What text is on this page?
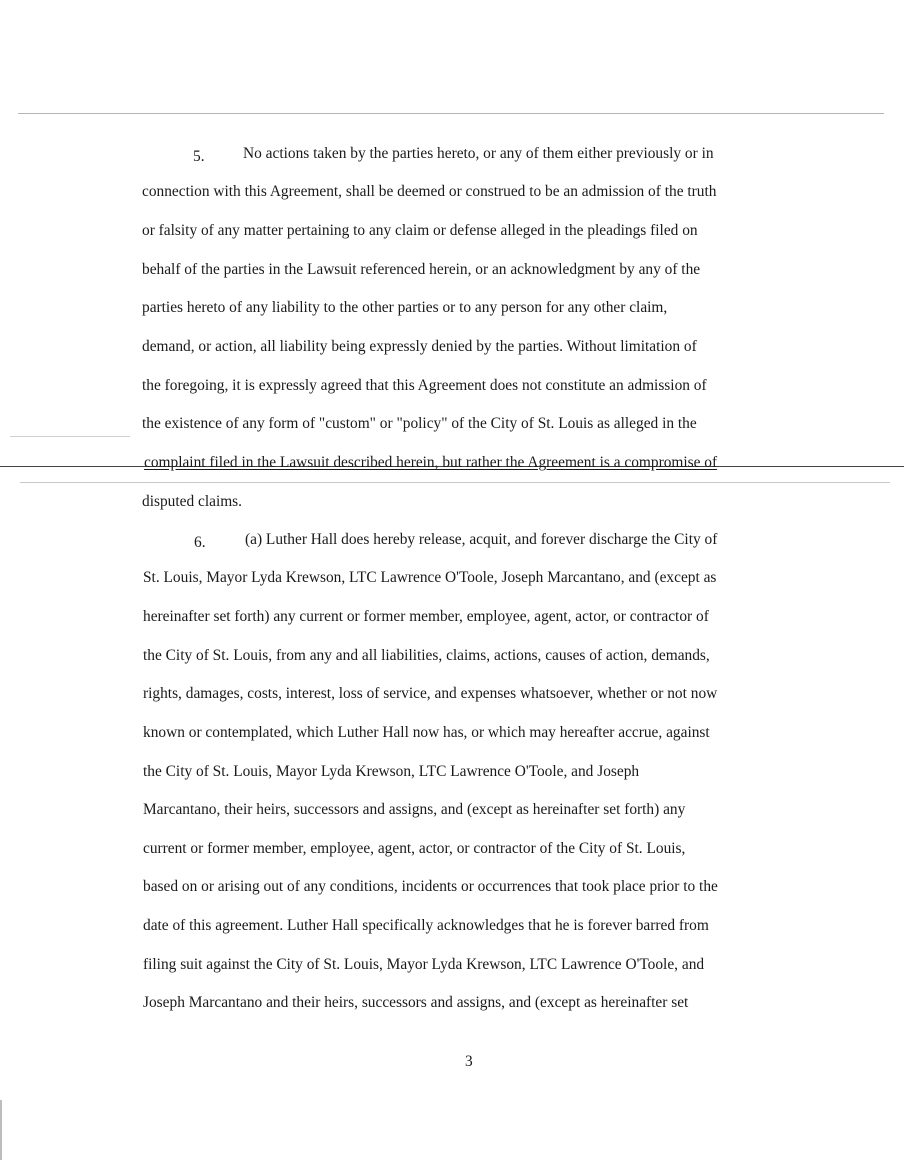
5.	No actions taken by the parties hereto, or any of them either previously or in
connection with this Agreement, shall be deemed or construed to be an admission of the truth
or falsity of any matter pertaining to any claim or defense alleged in the pleadings filed on
behalf of the parties in the Lawsuit referenced herein, or an acknowledgment by any of the
parties hereto of any liability to the other parties or to any person for any other claim,
demand, or action, all liability being expressly denied by the parties. Without limitation of
the foregoing, it is expressly agreed that this Agreement does not constitute an admission of
the existence of any form of "custom" or "policy" of the City of St. Louis as alleged in the
complaint filed in the Lawsuit described herein, but rather the Agreement is a compromise of
disputed claims.
6.	(a) Luther Hall does hereby release, acquit, and forever discharge the City of
St. Louis, Mayor Lyda Krewson, LTC Lawrence O'Toole, Joseph Marcantano, and (except as
hereinafter set forth) any current or former member, employee, agent, actor, or contractor of
the City of St. Louis, from any and all liabilities, claims, actions, causes of action, demands,
rights, damages, costs, interest, loss of service, and expenses whatsoever, whether or not now
known or contemplated, which Luther Hall now has, or which may hereafter accrue, against
the City of St. Louis, Mayor Lyda Krewson, LTC Lawrence O'Toole, and Joseph
Marcantano, their heirs, successors and assigns, and (except as hereinafter set forth) any
current or former member, employee, agent, actor, or contractor of the City of St. Louis,
based on or arising out of any conditions, incidents or occurrences that took place prior to the
date of this agreement. Luther Hall specifically acknowledges that he is forever barred from
filing suit against the City of St. Louis, Mayor Lyda Krewson, LTC Lawrence O'Toole, and
Joseph Marcantano and their heirs, successors and assigns, and (except as hereinafter set
3
